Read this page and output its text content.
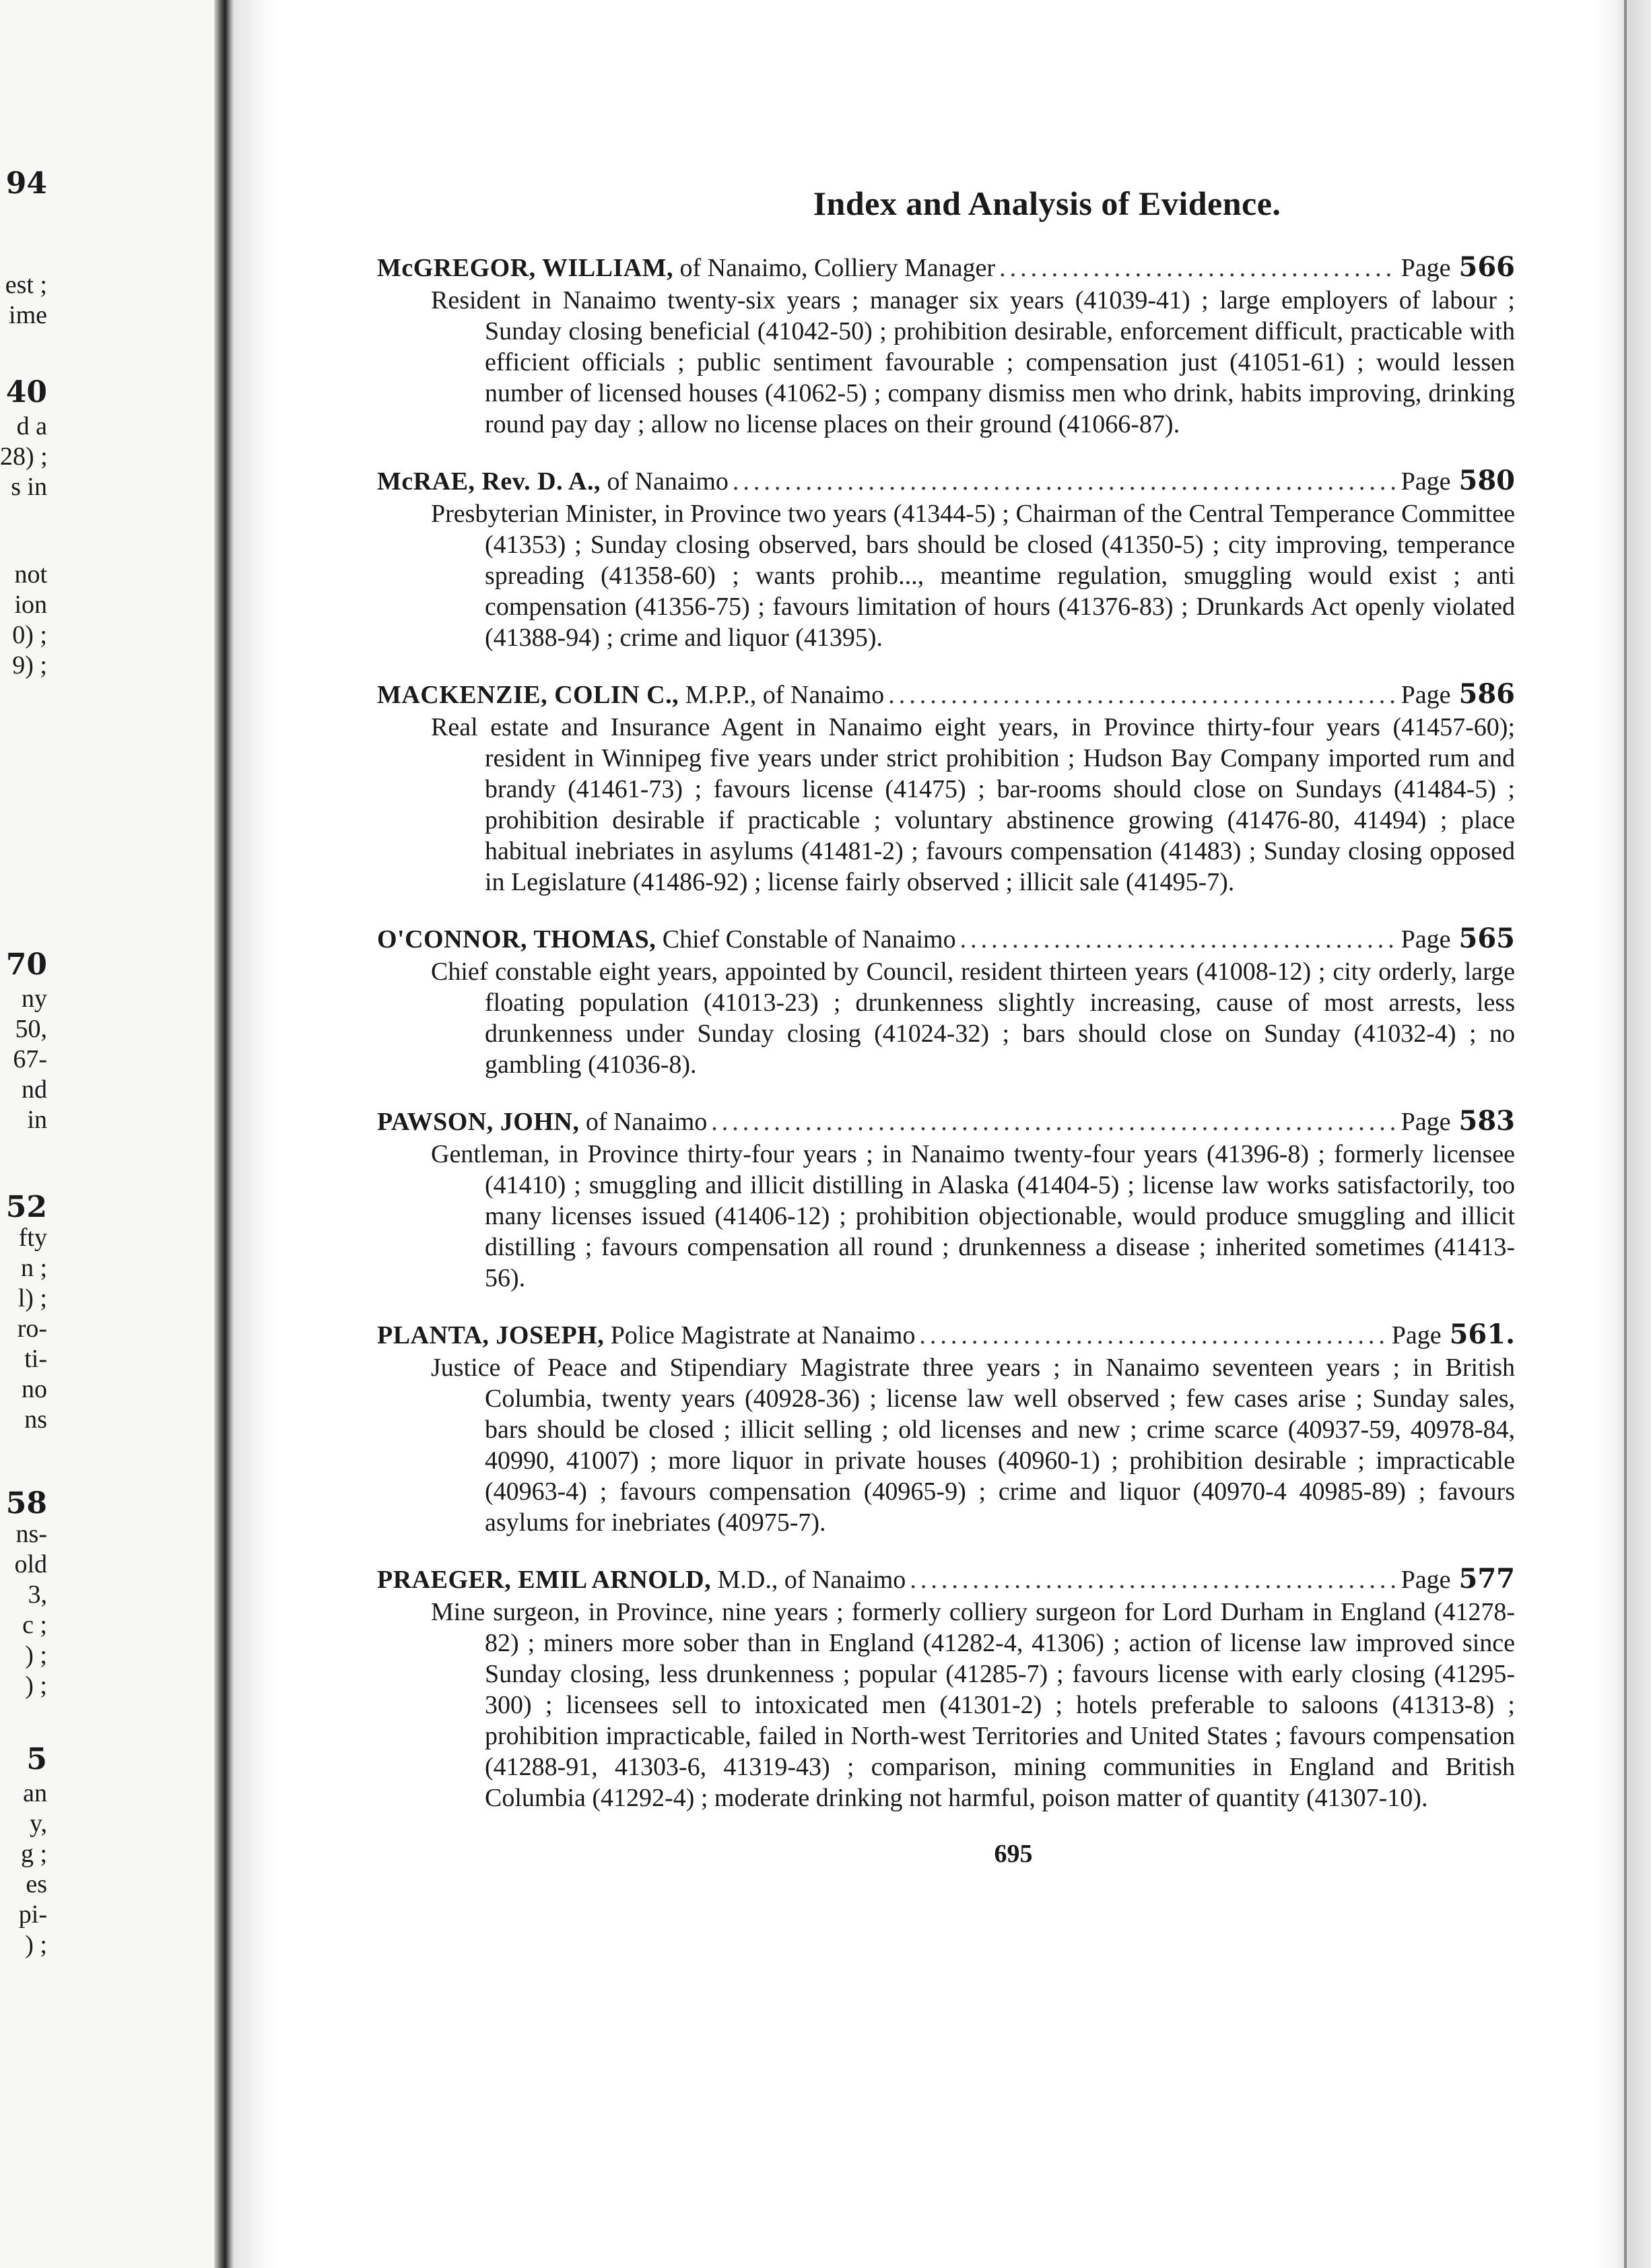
94
est ;
ime
40
d a
28) ;
s in
not
ion
0) ;
9) ;
70
ny
50,
67-
nd
in
52
fty
n ;
l) ;
ro-
ti-
no
ns
58
ns-
old
3,
c ;
) ;
) ;
5
an
y,
g ;
es
pi-
) ;
Index and Analysis of Evidence.
McGREGOR, WILLIAM, of Nanaimo, Colliery Manager .....	Page 566
Resident in Nanaimo twenty-six years ; manager six years (41039-41) ; large employers of labour ; Sunday closing beneficial (41042-50) ; prohibition desirable, enforcement difficult, practicable with efficient officials ; public sentiment favourable ; compensation just (41051-61) ; would lessen number of licensed houses (41062-5) ; company dismiss men who drink, habits improving, drinking round pay day ; allow no license places on their ground (41066-87).
McRAE, Rev. D. A., of Nanaimo .....	Page 580
Presbyterian Minister, in Province two years (41344-5) ; Chairman of the Central Temperance Committee (41353) ; Sunday closing observed, bars should be closed (41350-5) ; city improving, temperance spreading (41358-60) ; wants prohib..., meantime regulation, smuggling would exist ; anti compensation (41356-75) ; favours limitation of hours (41376-83) ; Drunkards Act openly violated (41388-94) ; crime and liquor (41395).
MACKENZIE, COLIN C., M.P.P., of Nanaimo .....	Page 586
Real estate and Insurance Agent in Nanaimo eight years, in Province thirty-four years (41457-60); resident in Winnipeg five years under strict prohibition ; Hudson Bay Company imported rum and brandy (41461-73) ; favours license (41475) ; bar-rooms should close on Sundays (41484-5) ; prohibition desirable if practicable ; voluntary abstinence growing (41476-80, 41494) ; place habitual inebriates in asylums (41481-2) ; favours compensation (41483) ; Sunday closing opposed in Legislature (41486-92) ; license fairly observed ; illicit sale (41495-7).
O'CONNOR, THOMAS, Chief Constable of Nanaimo .....	Page 565
Chief constable eight years, appointed by Council, resident thirteen years (41008-12) ; city orderly, large floating population (41013-23) ; drunkenness slightly increasing, cause of most arrests, less drunkenness under Sunday closing (41024-32) ; bars should close on Sunday (41032-4) ; no gambling (41036-8).
PAWSON, JOHN, of Nanaimo .....	Page 583
Gentleman, in Province thirty-four years ; in Nanaimo twenty-four years (41396-8) ; formerly licensee (41410) ; smuggling and illicit distilling in Alaska (41404-5) ; license law works satisfactorily, too many licenses issued (41406-12) ; prohibition objectionable, would produce smuggling and illicit distilling ; favours compensation all round ; drunkenness a disease ; inherited sometimes (41413-56).
PLANTA, JOSEPH, Police Magistrate at Nanaimo .....	Page 561.
Justice of Peace and Stipendiary Magistrate three years ; in Nanaimo seventeen years ; in British Columbia, twenty years (40928-36) ; license law well observed ; few cases arise ; Sunday sales, bars should be closed ; illicit selling ; old licenses and new ; crime scarce (40937-59, 40978-84, 40990, 41007) ; more liquor in private houses (40960-1) ; prohibition desirable ; impracticable (40963-4) ; favours compensation (40965-9) ; crime and liquor (40970-4 40985-89) ; favours asylums for inebriates (40975-7).
PRAEGER, EMIL ARNOLD, M.D., of Nanaimo .....	Page 577
Mine surgeon, in Province, nine years ; formerly colliery surgeon for Lord Durham in England (41278-82) ; miners more sober than in England (41282-4, 41306) ; action of license law improved since Sunday closing, less drunkenness ; popular (41285-7) ; favours license with early closing (41295-300) ; licensees sell to intoxicated men (41301-2) ; hotels preferable to saloons (41313-8) ; prohibition impracticable, failed in North-west Territories and United States ; favours compensation (41288-91, 41303-6, 41319-43) ; comparison, mining communities in England and British Columbia (41292-4) ; moderate drinking not harmful, poison matter of quantity (41307-10).
695
